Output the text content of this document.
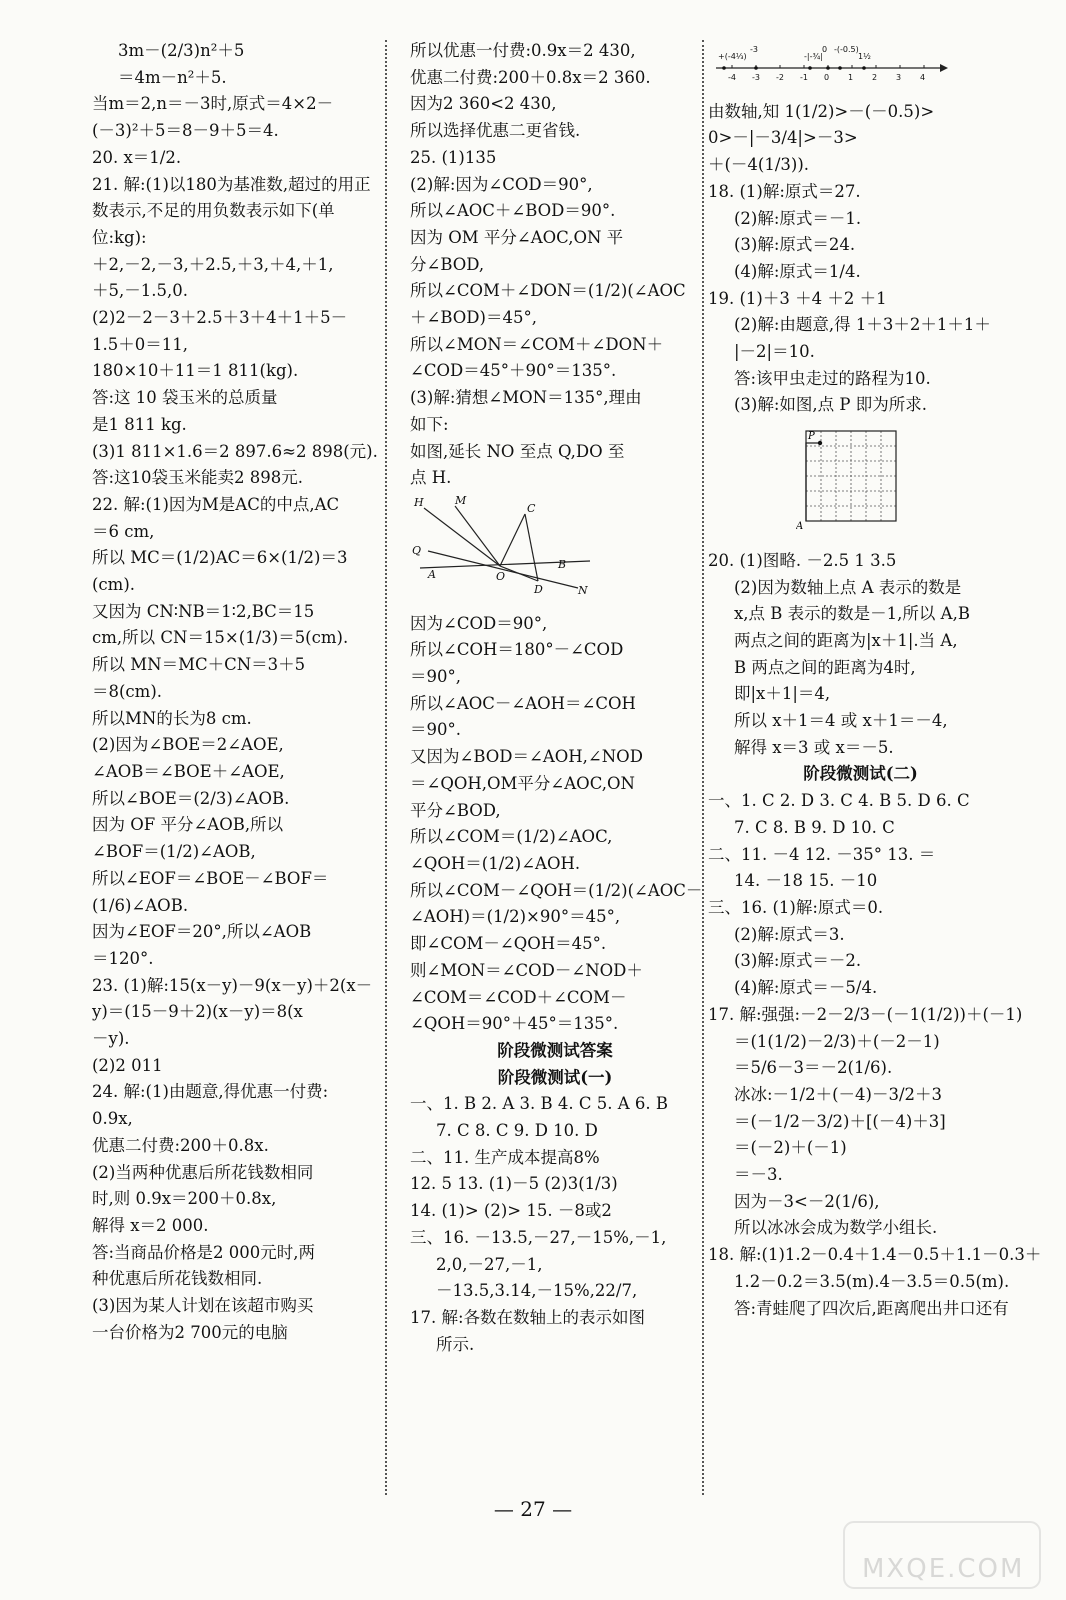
3m－(2/3)n²＋5
＝4m－n²＋5.
当m＝2,n＝－3时,原式＝4×2－
(－3)²＋5＝8－9＋5＝4.
20. x＝1/2.
21. 解:(1)以180为基准数,超过的用正
数表示,不足的用负数表示如下(单
位:kg):
＋2,－2,－3,＋2.5,＋3,＋4,＋1,
＋5,－1.5,0.
(2)2－2－3＋2.5＋3＋4＋1＋5－
1.5＋0＝11,
180×10＋11＝1 811(kg).
答:这 10 袋玉米的总质量
是1 811 kg.
(3)1 811×1.6＝2 897.6≈2 898(元).
答:这10袋玉米能卖2 898元.
22. 解:(1)因为M是AC的中点,AC
＝6 cm,
所以 MC＝(1/2)AC＝6×(1/2)＝3
(cm).
又因为 CN∶NB＝1∶2,BC＝15
cm,所以 CN＝15×(1/3)＝5(cm).
所以 MN＝MC＋CN＝3＋5
＝8(cm).
所以MN的长为8 cm.
(2)因为∠BOE＝2∠AOE,
∠AOB＝∠BOE＋∠AOE,
所以∠BOE＝(2/3)∠AOB.
因为 OF 平分∠AOB,所以
∠BOF＝(1/2)∠AOB,
所以∠EOF＝∠BOE－∠BOF＝
(1/6)∠AOB.
因为∠EOF＝20°,所以∠AOB
＝120°.
23. (1)解:15(x－y)－9(x－y)＋2(x－
y)＝(15－9＋2)(x－y)＝8(x
－y).
(2)2 011
24. 解:(1)由题意,得优惠一付费:
0.9x,
优惠二付费:200＋0.8x.
(2)当两种优惠后所花钱数相同
时,则 0.9x＝200＋0.8x,
解得 x＝2 000.
答:当商品价格是2 000元时,两
种优惠后所花钱数相同.
(3)因为某人计划在该超市购买
一台价格为2 700元的电脑
所以优惠一付费:0.9x＝2 430,
优惠二付费:200＋0.8x＝2 360.
因为2 360<2 430,
所以选择优惠二更省钱.
25. (1)135
(2)解:因为∠COD＝90°,
所以∠AOC＋∠BOD＝90°.
因为 OM 平分∠AOC,ON 平
分∠BOD,
所以∠COM＋∠DON＝(1/2)(∠AOC
＋∠BOD)＝45°,
所以∠MON＝∠COM＋∠DON＋
∠COD＝45°＋90°＝135°.
(3)解:猜想∠MON＝135°,理由
如下:
如图,延长 NO 至点 Q,DO 至
点 H.
H	M
C
Q
A	O
B
D	N
因为∠COD＝90°,
所以∠COH＝180°－∠COD
＝90°,
所以∠AOC－∠AOH＝∠COH
＝90°.
又因为∠BOD＝∠AOH,∠NOD
＝∠QOH,OM平分∠AOC,ON
平分∠BOD,
所以∠COM＝(1/2)∠AOC,
∠QOH＝(1/2)∠AOH.
所以∠COM－∠QOH＝(1/2)(∠AOC－
∠AOH)＝(1/2)×90°＝45°,
即∠COM－∠QOH＝45°.
则∠MON＝∠COD－∠NOD＋
∠COM＝∠COD＋∠COM－
∠QOH＝90°＋45°＝135°.
阶段微测试答案
阶段微测试(一)
一、1. B 2. A 3. B 4. C 5. A 6. B
7. C 8. C 9. D 10. D
二、11. 生产成本提高8%
12. 5 13. (1)－5 (2)3(1/3)
14. (1)> (2)> 15. －8或2
三、16. －13.5,－27,－15%,－1,
2,0,－27,－1,
－13.5,3.14,－15%,22/7,
17. 解:各数在数轴上的表示如图
所示.
-4 -3 -2 -1 0 1 2 3 4
+(-4⅓)
-3
-|-¾|
0
1½
-(-0.5)
由数轴,知 1(1/2)>－(－0.5)>
0>－|－3/4|>－3>
＋(－4(1/3)).
18. (1)解:原式＝27.
(2)解:原式＝－1.
(3)解:原式＝24.
(4)解:原式＝1/4.
19. (1)＋3 ＋4 ＋2 ＋1
(2)解:由题意,得 1＋3＋2＋1＋1＋
|－2|＝10.
答:该甲虫走过的路程为10.
(3)解:如图,点 P 即为所求.
P
A
20. (1)图略. －2.5 1 3.5
(2)因为数轴上点 A 表示的数是
x,点 B 表示的数是－1,所以 A,B
两点之间的距离为|x＋1|.当 A,
B 两点之间的距离为4时,
即|x＋1|＝4,
所以 x＋1＝4 或 x＋1＝－4,
解得 x＝3 或 x＝－5.
阶段微测试(二)
一、1. C 2. D 3. C 4. B 5. D 6. C
7. C 8. B 9. D 10. C
二、11. －4 12. －35° 13. ＝
14. －18 15. －10
三、16. (1)解:原式＝0.
(2)解:原式＝3.
(3)解:原式＝－2.
(4)解:原式＝－5/4.
17. 解:强强:－2－2/3－(－1(1/2))＋(－1)
＝(1(1/2)－2/3)＋(－2－1)
＝5/6－3＝－2(1/6).
冰冰:－1/2＋(－4)－3/2＋3
＝(－1/2－3/2)＋[(－4)＋3]
＝(－2)＋(－1)
＝－3.
因为－3<－2(1/6),
所以冰冰会成为数学小组长.
18. 解:(1)1.2－0.4＋1.4－0.5＋1.1－0.3＋
1.2－0.2＝3.5(m).4－3.5＝0.5(m).
答:青蛙爬了四次后,距离爬出井口还有
— 27 —
MXQE.COM
